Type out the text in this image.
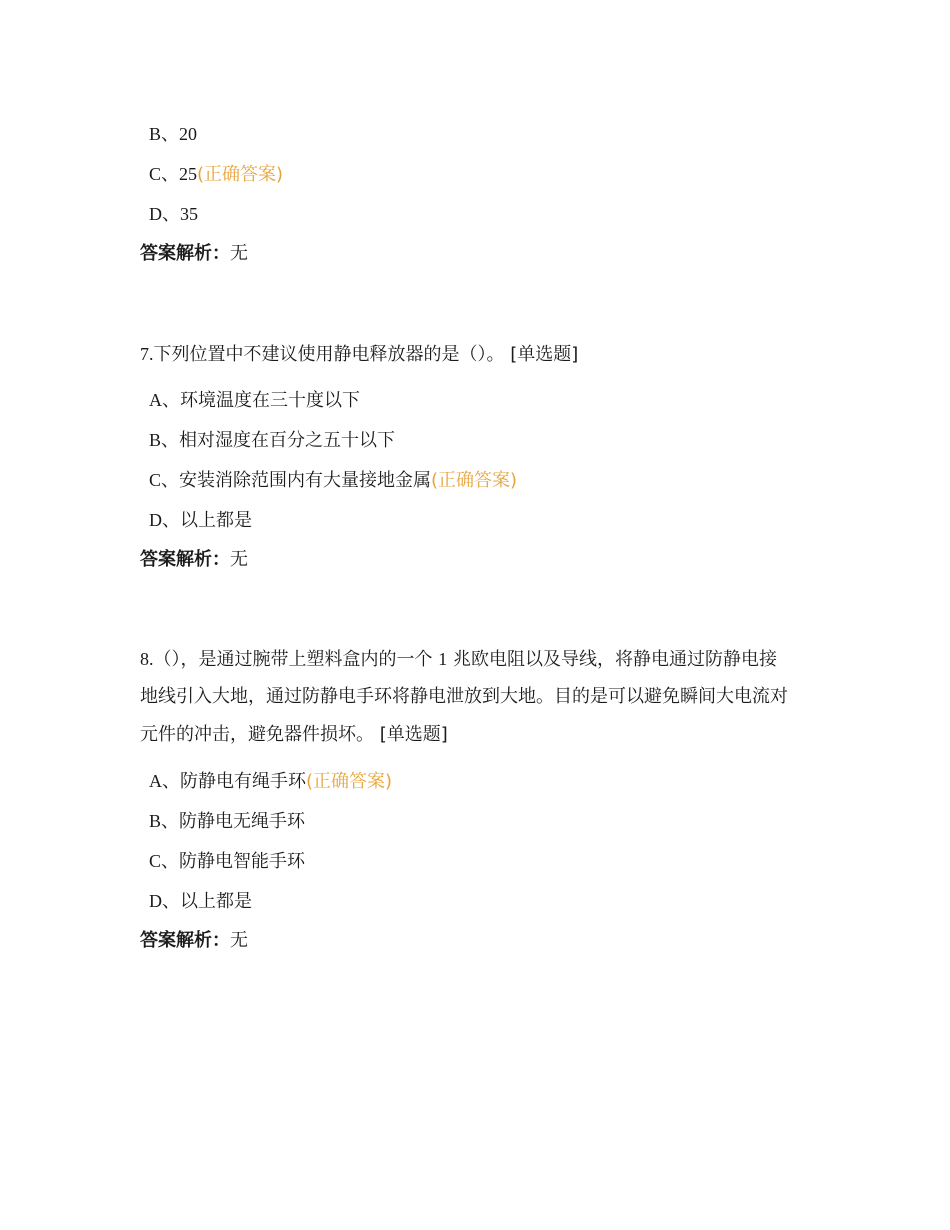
B、20
C、25(正确答案)
D、35
答案解析：无
7.下列位置中不建议使用静电释放器的是（）。 [单选题]
A、环境温度在三十度以下
B、相对湿度在百分之五十以下
C、安装消除范围内有大量接地金属(正确答案)
D、以上都是
答案解析：无
8.（），是通过腕带上塑料盒内的一个 1 兆欧电阻以及导线，将静电通过防静电接
地线引入大地，通过防静电手环将静电泄放到大地。目的是可以避免瞬间大电流对
元件的冲击，避免器件损坏。 [单选题]
A、防静电有绳手环(正确答案)
B、防静电无绳手环
C、防静电智能手环
D、以上都是
答案解析：无
